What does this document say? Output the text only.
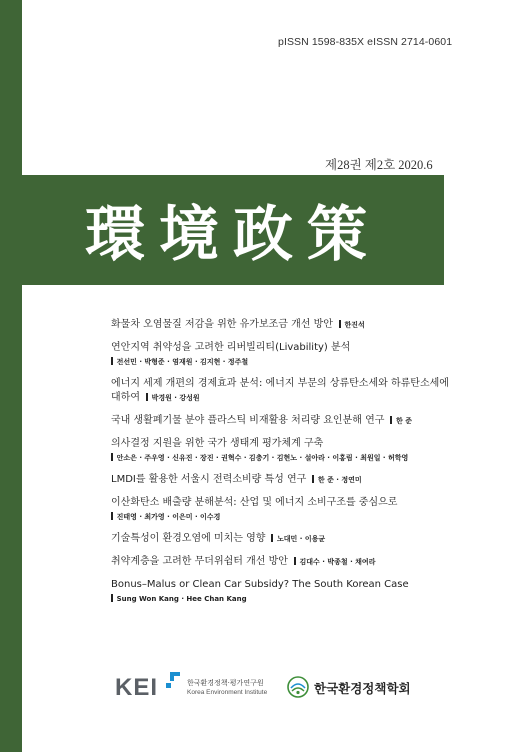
pISSN 1598-835X eISSN 2714-0601
제28권 제2호 2020.6
環境政策
화물차 오염물질 저감을 위한 유가보조금 개선 방안 한진석
연안지역 취약성을 고려한 리버빌리티(Livability) 분석
전선민 · 박형준 · 염재원 · 김지현 · 정주철
에너지 세제 개편의 경제효과 분석: 에너지 부문의 상류탄소세와 하류탄소세에
대하여 박경원 · 강성원
국내 생활폐기물 분야 플라스틱 비재활용 처리량 요인분해 연구 한 준
의사결정 지원을 위한 국가 생태계 평가체계 구축
안소은 · 주우영 · 신유진 · 장진 · 권혁수 · 김충기 · 김현노 · 설아라 · 이홍림 · 최원일 · 허학영
LMDI를 활용한 서울시 전력소비량 특성 연구 한 준 · 정연미
이산화탄소 배출량 분해분석: 산업 및 에너지 소비구조를 중심으로
진태영 · 최가영 · 이은미 · 이수경
기술특성이 환경오염에 미치는 영향 노대민 · 이용균
취약계층을 고려한 무더위쉼터 개선 방안 김대수 · 박종철 · 채여라
Bonus–Malus or Clean Car Subsidy? The South Korean Case
Sung Won Kang · Hee Chan Kang
KEI	한국환경정책·평가연구원
Korea Environment Institute	한국환경정책학회
